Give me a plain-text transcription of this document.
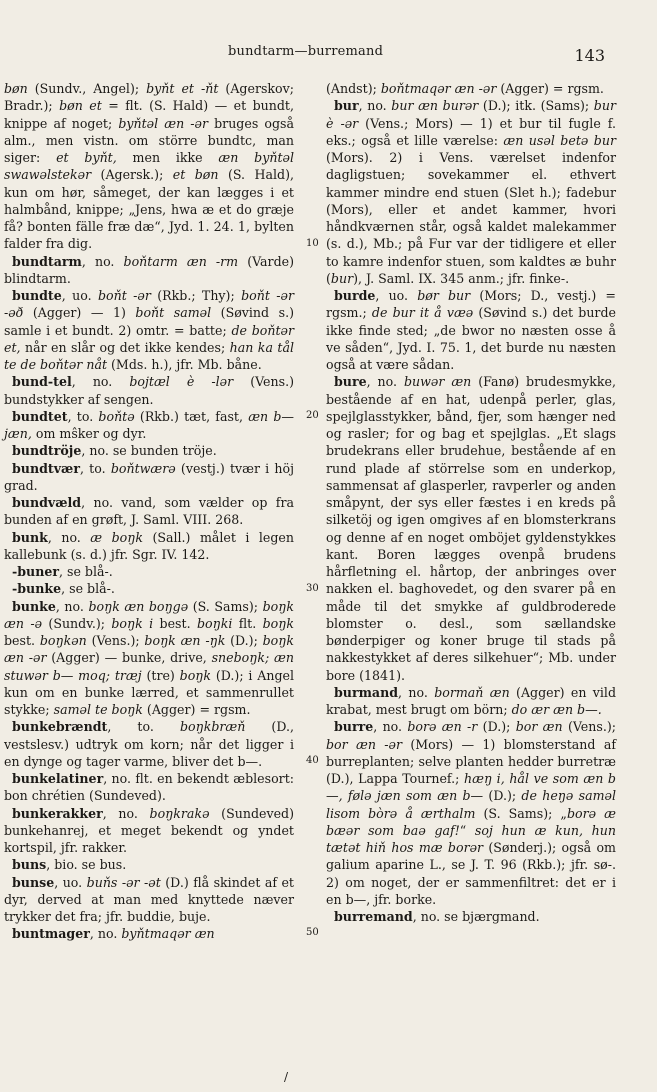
bundtarm—burremand	143

bøn (Sundv., Angel); byňt et -ňt (Agerskov; Bradr.); bøn et = flt. (S. Hald) — et bundt, knippe af noget; byňtəl æn -ər bruges også alm., men vistn. om större bundtc, man siger: et byňt, men ikke æn byňtəl swawəlstekər (Agersk.); et bøn (S. Hald), kun om hør, såmeget, der kan lægges i et halmbånd, knippe; „Jens, hwa æ et do græje få? bonten fälle fræ dæ“, Jyd. 1. 24. 1, bylten falder fra dig.

bundtarm, no. boňtarm æn -rm (Varde) blindtarm.

bundte, uo. boňt -ər (Rkb.; Thy); boňt -ər -əð (Agger) — 1) boňt saməl (Søvind s.) samle i et bundt. 2) omtr. = batte; de boňtər et, når en slår og det ikke kendes; han ka tål te de boňtər nåt (Mds. h.), jfr. Mb. båne.

bund-tel, no. bojtæl è -lər (Vens.) bundstykker af sengen.

bundtet, to. boňtə (Rkb.) tæt, fast, æn b— jæn, om mŝker og dyr.

bundtröje, no. se bunden tröje.

bundtvær, to. boňtwærə (vestj.) tvær i höj grad.

bundvæld, no. vand, som vælder op fra bunden af en grøft, J. Saml. VIII. 268.

bunk, no. æ boŋk (Sall.) målet i legen kallebunk (s. d.) jfr. Sgr. IV. 142.

-buner, se blå-.

-bunke, se blå-.

bunke, no. boŋk æn boŋgə (S. Sams); boŋk æn -ə (Sundv.); boŋk i best. boŋki flt. boŋk best. boŋkən (Vens.); boŋk æn -ŋk (D.); boŋk æn -ər (Agger) — bunke, drive, sneboŋk; æn stuwər b— moq; træj (tre) boŋk (D.); i Angel kun om en bunke lærred, et sammenrullet stykke; saməl te boŋk (Agger) = rgsm.

bunkebrændt, to. boŋkbræň (D., vestslesv.) udtryk om korn; når det ligger i en dynge og tager varme, bliver det b—.

bunkelatiner, no. flt. en bekendt æblesort: bon chrétien (Sundeved).

bunkerakker, no. boŋkrakə (Sundeved) bunkehanrej, et meget bekendt og yndet kortspil, jfr. rakker.

buns, bio. se bus.

bunse, uo. buňs -ər -ət (D.) flå skindet af et dyr, derved at man med knyttede næver trykker det fra; jfr. buddie, buje.

buntmager, no. byňtmaqər æn

10
20
30
40
50

(Andst); boňtmaqər æn -ər (Agger) = rgsm.

bur, no. bur æn burər (D.); itk. (Sams); bur è -ər (Vens.; Mors) — 1) et bur til fugle f. eks.; også et lille værelse: æn usəl betə bur (Mors). 2) i Vens. værelset indenfor dagligstuen; sovekammer el. ethvert kammer mindre end stuen (Slet h.); fadebur (Mors), eller et andet kammer, hvori håndkværnen står, også kaldet malekammer (s. d.), Mb.; på Fur var der tidligere et eller to kamre indenfor stuen, som kaldtes æ buhr (bur), J. Saml. IX. 345 anm.; jfr. finke-.

burde, uo. bør bur (Mors; D., vestj.) = rgsm.; de bur it å væə (Søvind s.) det burde ikke finde sted; „de bwor no næsten osse å ve såden“, Jyd. I. 75. 1, det burde nu næsten også at være sådan.

bure, no. buwər æn (Fanø) brudesmykke, bestående af en hat, udenpå perler, glas, spejlglasstykker, bånd, fjer, som hænger ned og rasler; for og bag et spejlglas. „Et slags brudekrans eller brudehue, bestående af en rund plade af störrelse som en underkop, sammensat af glasperler, ravperler og anden småpynt, der sys eller fæstes i en kreds på silketöj og igen omgives af en blomsterkrans og denne af en noget omböjet gyldenstykkes kant. Boren lægges ovenpå brudens hårfletning el. hårtop, der anbringes over nakken el. baghovedet, og den svarer på en måde til det smykke af guldbroderede blomster o. desl., som sællandske bønderpiger og koner bruge til stads på nakkestykket af deres silkehuer“; Mb. under bore (1841).

burmand, no. bormaň æn (Agger) en vild krabat, mest brugt om börn; do ær æn b—.

burre, no. borə æn -r (D.); bor æn (Vens.); bor æn -ər (Mors) — 1) blomsterstand af burreplanten; selve planten hedder burretræ (D.), Lappa Tournef.; hæŋ i, hål ve som æn b—, følə jæn som æn b— (D.); de heŋə saməl lisom bòrə å ærthalm (S. Sams); „borə æ bæər som baə gaf!“ soj hun æ kun, hun tætət hiň hos mæ borər (Sønderj.); også om galium aparine L., se J. T. 96 (Rkb.); jfr. sø-. 2) om noget, der er sammenfiltret: det er i en b—, jfr. borke.

burremand, no. se bjærgmand.

/
